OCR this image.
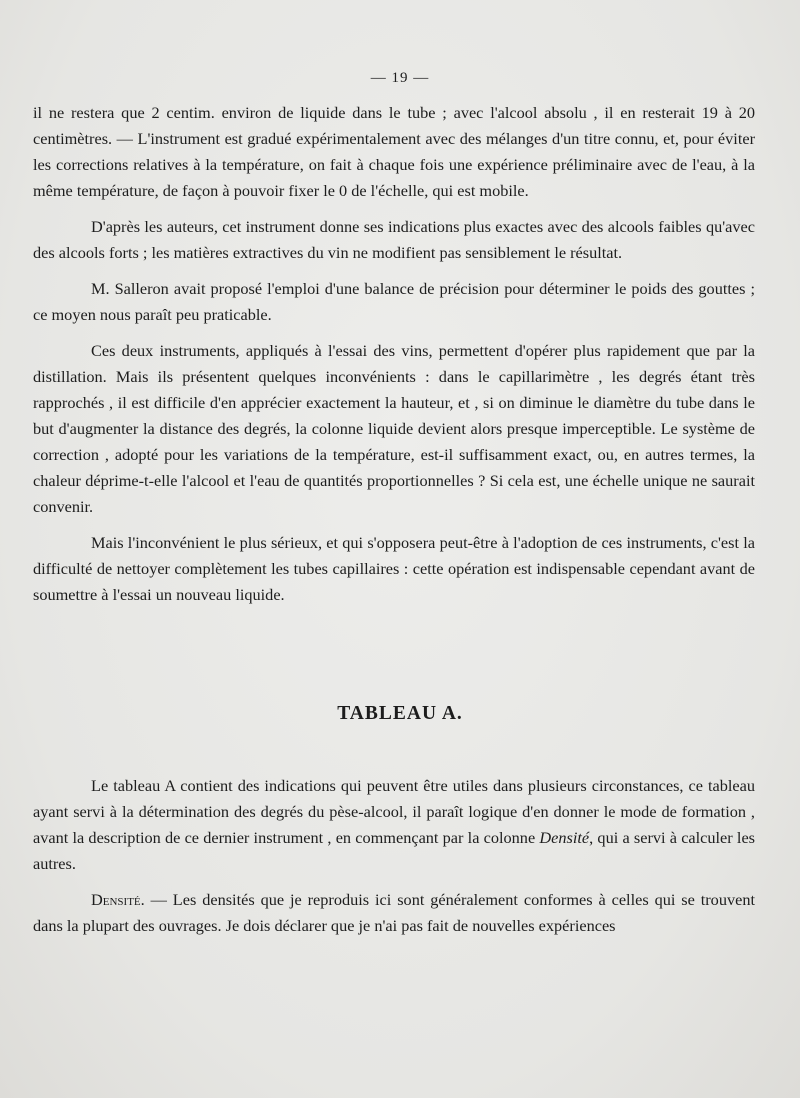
— 19 —

il ne restera que 2 centim. environ de liquide dans le tube ; avec l'alcool absolu , il en resterait 19 à 20 centimètres. — L'instrument est gradué expérimentalement avec des mélanges d'un titre connu, et, pour éviter les corrections relatives à la température, on fait à chaque fois une expérience préliminaire avec de l'eau, à la même température, de façon à pouvoir fixer le 0 de l'échelle, qui est mobile.

D'après les auteurs, cet instrument donne ses indications plus exactes avec des alcools faibles qu'avec des alcools forts ; les matières extractives du vin ne modifient pas sensiblement le résultat.

M. Salleron avait proposé l'emploi d'une balance de précision pour déterminer le poids des gouttes ; ce moyen nous paraît peu praticable.

Ces deux instruments, appliqués à l'essai des vins, permettent d'opérer plus rapidement que par la distillation. Mais ils présentent quelques inconvénients : dans le capillarimètre , les degrés étant très rapprochés , il est difficile d'en apprécier exactement la hauteur, et , si on diminue le diamètre du tube dans le but d'augmenter la distance des degrés, la colonne liquide devient alors presque imperceptible. Le système de correction , adopté pour les variations de la température, est-il suffisamment exact, ou, en autres termes, la chaleur déprime-t-elle l'alcool et l'eau de quantités proportionnelles ? Si cela est, une échelle unique ne saurait convenir.

Mais l'inconvénient le plus sérieux, et qui s'opposera peut-être à l'adoption de ces instruments, c'est la difficulté de nettoyer complètement les tubes capillaires : cette opération est indispensable cependant avant de soumettre à l'essai un nouveau liquide.

TABLEAU A.

Le tableau A contient des indications qui peuvent être utiles dans plusieurs circonstances, ce tableau ayant servi à la détermination des degrés du pèse-alcool, il paraît logique d'en donner le mode de formation , avant la description de ce dernier instrument , en commençant par la colonne Densité, qui a servi à calculer les autres.

Densité. — Les densités que je reproduis ici sont généralement conformes à celles qui se trouvent dans la plupart des ouvrages. Je dois déclarer que je n'ai pas fait de nouvelles expériences
